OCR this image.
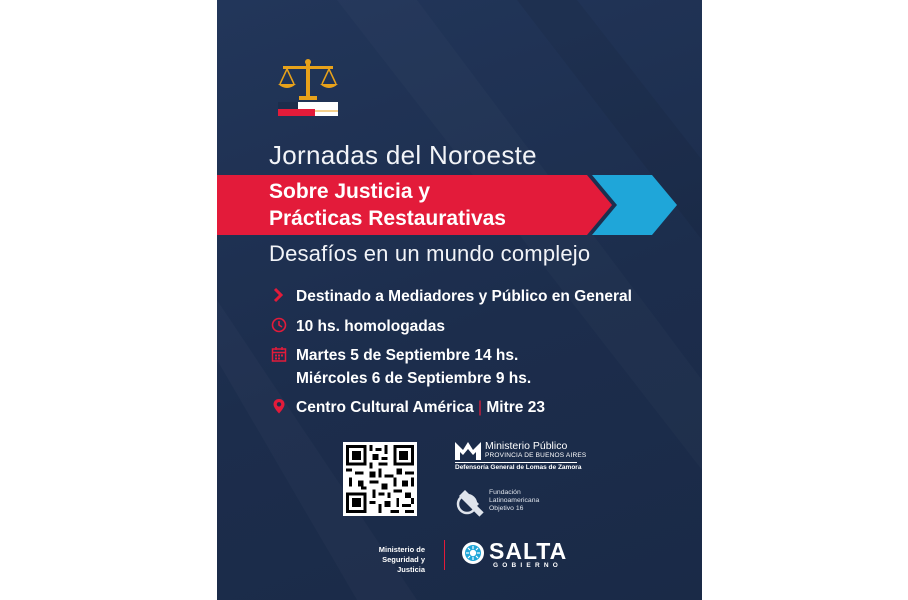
Jornadas del Noroeste
Sobre Justicia y
Prácticas Restaurativas
Desafíos en un mundo complejo
Destinado a Mediadores y Público en General
10 hs. homologadas
Martes 5 de Septiembre 14 hs.
Miércoles 6 de Septiembre 9 hs.
Centro Cultural América | Mitre 23
Ministerio Público
PROVINCIA DE BUENOS AIRES
Defensoría General de Lomas de Zamora
Fundación
Latinoamericana
Objetivo 16
Ministerio de
Seguridad y Justicia
SALTA
GOBIERNO
